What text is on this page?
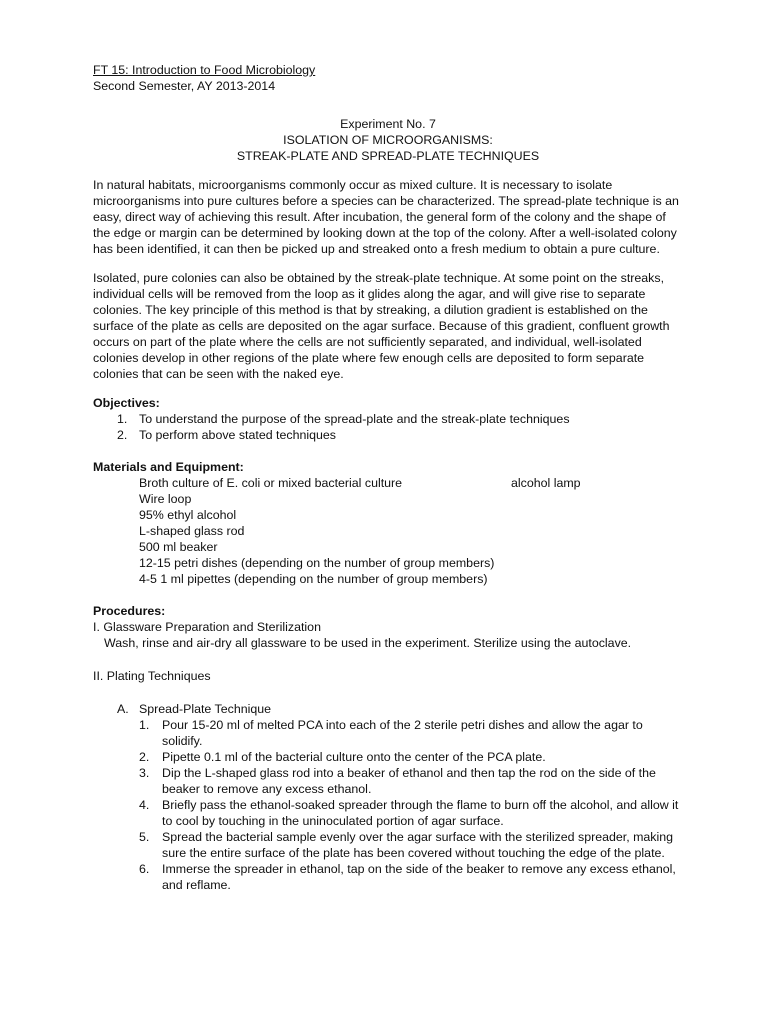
FT 15: Introduction to Food Microbiology
Second Semester, AY 2013-2014
Experiment No. 7
ISOLATION OF MICROORGANISMS:
STREAK-PLATE AND SPREAD-PLATE TECHNIQUES

In natural habitats, microorganisms commonly occur as mixed culture. It is necessary to isolate microorganisms into pure cultures before a species can be characterized. The spread-plate technique is an easy, direct way of achieving this result. After incubation, the general form of the colony and the shape of the edge or margin can be determined by looking down at the top of the colony. After a well-isolated colony has been identified, it can then be picked up and streaked onto a fresh medium to obtain a pure culture.

Isolated, pure colonies can also be obtained by the streak-plate technique. At some point on the streaks, individual cells will be removed from the loop as it glides along the agar, and will give rise to separate colonies. The key principle of this method is that by streaking, a dilution gradient is established on the surface of the plate as cells are deposited on the agar surface. Because of this gradient, confluent growth occurs on part of the plate where the cells are not sufficiently separated, and individual, well-isolated colonies develop in other regions of the plate where few enough cells are deposited to form separate colonies that can be seen with the naked eye.

Objectives:
1. To understand the purpose of the spread-plate and the streak-plate techniques
2. To perform above stated techniques
Materials and Equipment:
Broth culture of E. coli or mixed bacterial culture	alcohol lamp
Wire loop
95% ethyl alcohol
L-shaped glass rod
500 ml beaker
12-15 petri dishes (depending on the number of group members)
4-5 1 ml pipettes (depending on the number of group members)
Procedures:
I. Glassware Preparation and Sterilization
Wash, rinse and air-dry all glassware to be used in the experiment. Sterilize using the autoclave.
II. Plating Techniques
A. Spread-Plate Technique
1. Pour 15-20 ml of melted PCA into each of the 2 sterile petri dishes and allow the agar to solidify.
2. Pipette 0.1 ml of the bacterial culture onto the center of the PCA plate.
3. Dip the L-shaped glass rod into a beaker of ethanol and then tap the rod on the side of the beaker to remove any excess ethanol.
4. Briefly pass the ethanol-soaked spreader through the flame to burn off the alcohol, and allow it to cool by touching in the uninoculated portion of agar surface.
5. Spread the bacterial sample evenly over the agar surface with the sterilized spreader, making sure the entire surface of the plate has been covered without touching the edge of the plate.
6. Immerse the spreader in ethanol, tap on the side of the beaker to remove any excess ethanol, and reflame.
